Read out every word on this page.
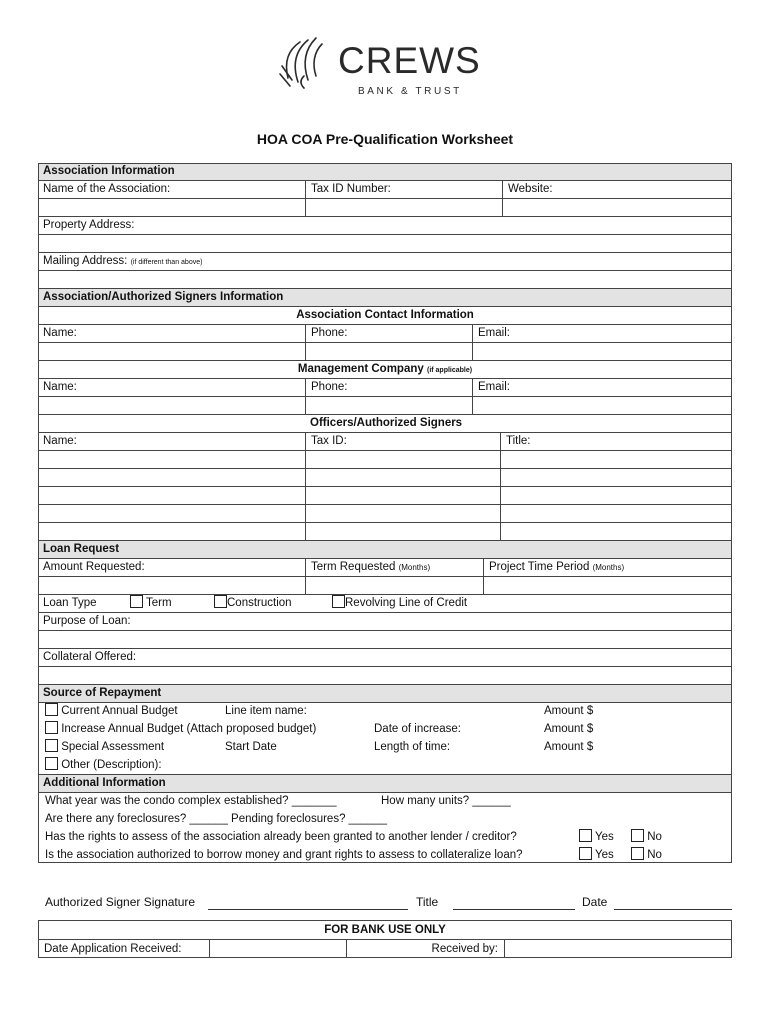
CREWS
BANK & TRUST
HOA COA Pre-Qualification Worksheet
Association Information
Name of the Association:	Tax ID Number:	Website:
Property Address:
Mailing Address: (if different than above)
Association/Authorized Signers Information
Association Contact Information
Name:	Phone:	Email:
Management Company (if applicable)
Name:	Phone:	Email:
Officers/Authorized Signers
Name:	Tax ID:	Title:
Loan Request
Amount Requested:	Term Requested (Months)	Project Time Period (Months)
Loan Type	Term	Construction	Revolving Line of Credit
Purpose of Loan:
Collateral Offered:
Source of Repayment
Current Annual Budget	Line item name:	Amount $
Increase Annual Budget (Attach proposed budget)	Date of increase:	Amount $
Special Assessment	Start Date	Length of time:	Amount $
Other (Description):
Additional Information
What year was the condo complex established? _______	How many units? ______
Are there any foreclosures? ______ Pending foreclosures? ______
Has the rights to assess of the association already been granted to another lender / creditor?	Yes	No
Is the association authorized to borrow money and grant rights to assess to collateralize loan?	Yes	No
Authorized Signer Signature	Title	Date
FOR BANK USE ONLY
Date Application Received:	Received by:
